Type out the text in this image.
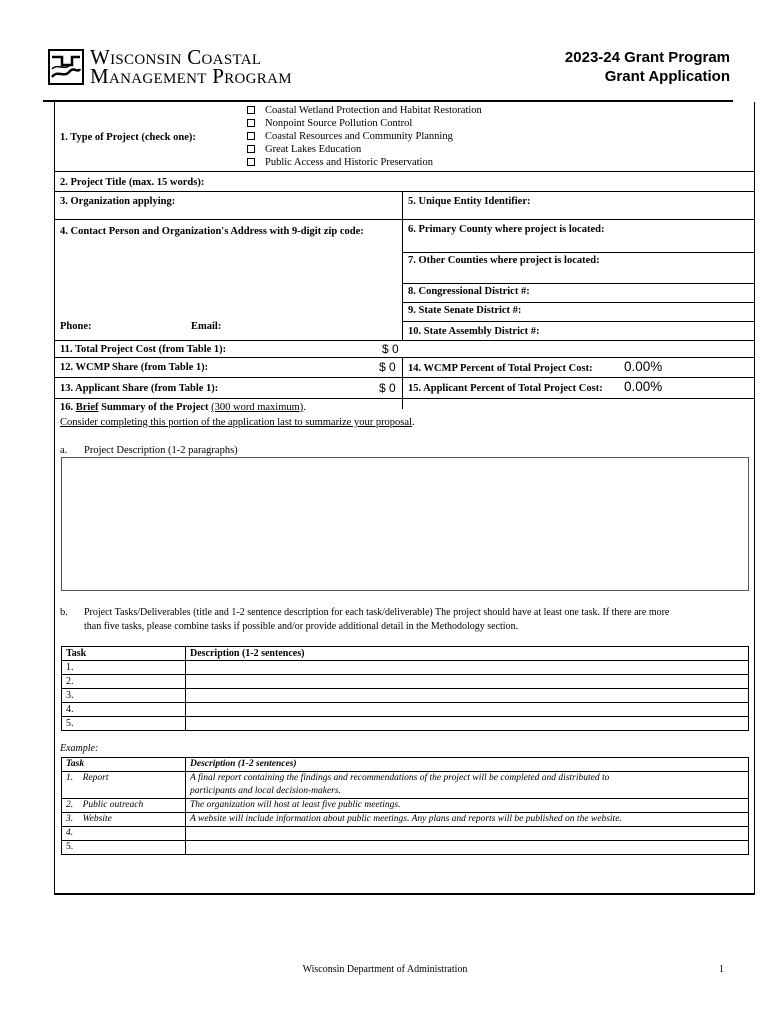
Wisconsin Coastal
Management Program
2023-24 Grant Program
Grant Application
1. Type of Project (check one):
Coastal Wetland Protection and Habitat Restoration
Nonpoint Source Pollution Control
Coastal Resources and Community Planning
Great Lakes Education
Public Access and Historic Preservation
2. Project Title (max. 15 words):
3. Organization applying:	5. Unique Entity Identifier:
4. Contact Person and Organization's Address with 9-digit zip code:	6. Primary County where project is located:
7. Other Counties where project is located:
8. Congressional District #:
9. State Senate District #:
10. State Assembly District #:
Phone:	Email:
11. Total Project Cost (from Table 1):	$ 0
12. WCMP Share (from Table 1):	$ 0 14. WCMP Percent of Total Project Cost: 0.00%
13. Applicant Share (from Table 1):	$ 0 15. Applicant Percent of Total Project Cost: 0.00%
16. Brief Summary of the Project (300 word maximum).
Consider completing this portion of the application last to summarize your proposal.
a. Project Description (1-2 paragraphs)
b. Project Tasks/Deliverables (title and 1-2 sentence description for each task/deliverable) The project should have at least one task. If there are more
than five tasks, please combine tasks if possible and/or provide additional detail in the Methodology section.
Task	Description (1-2 sentences)
1.	
2.	
3.	
4.	
5.	
Example:
Task	Description (1-2 sentences)
1. Report	A final report containing the findings and recommendations of the project will be completed and distributed to
participants and local decision-makers.
2. Public outreach	The organization will host at least five public meetings.
3. Website	A website will include information about public meetings. Any plans and reports will be published on the website.
4.	
5.	
Wisconsin Department of Administration	1
